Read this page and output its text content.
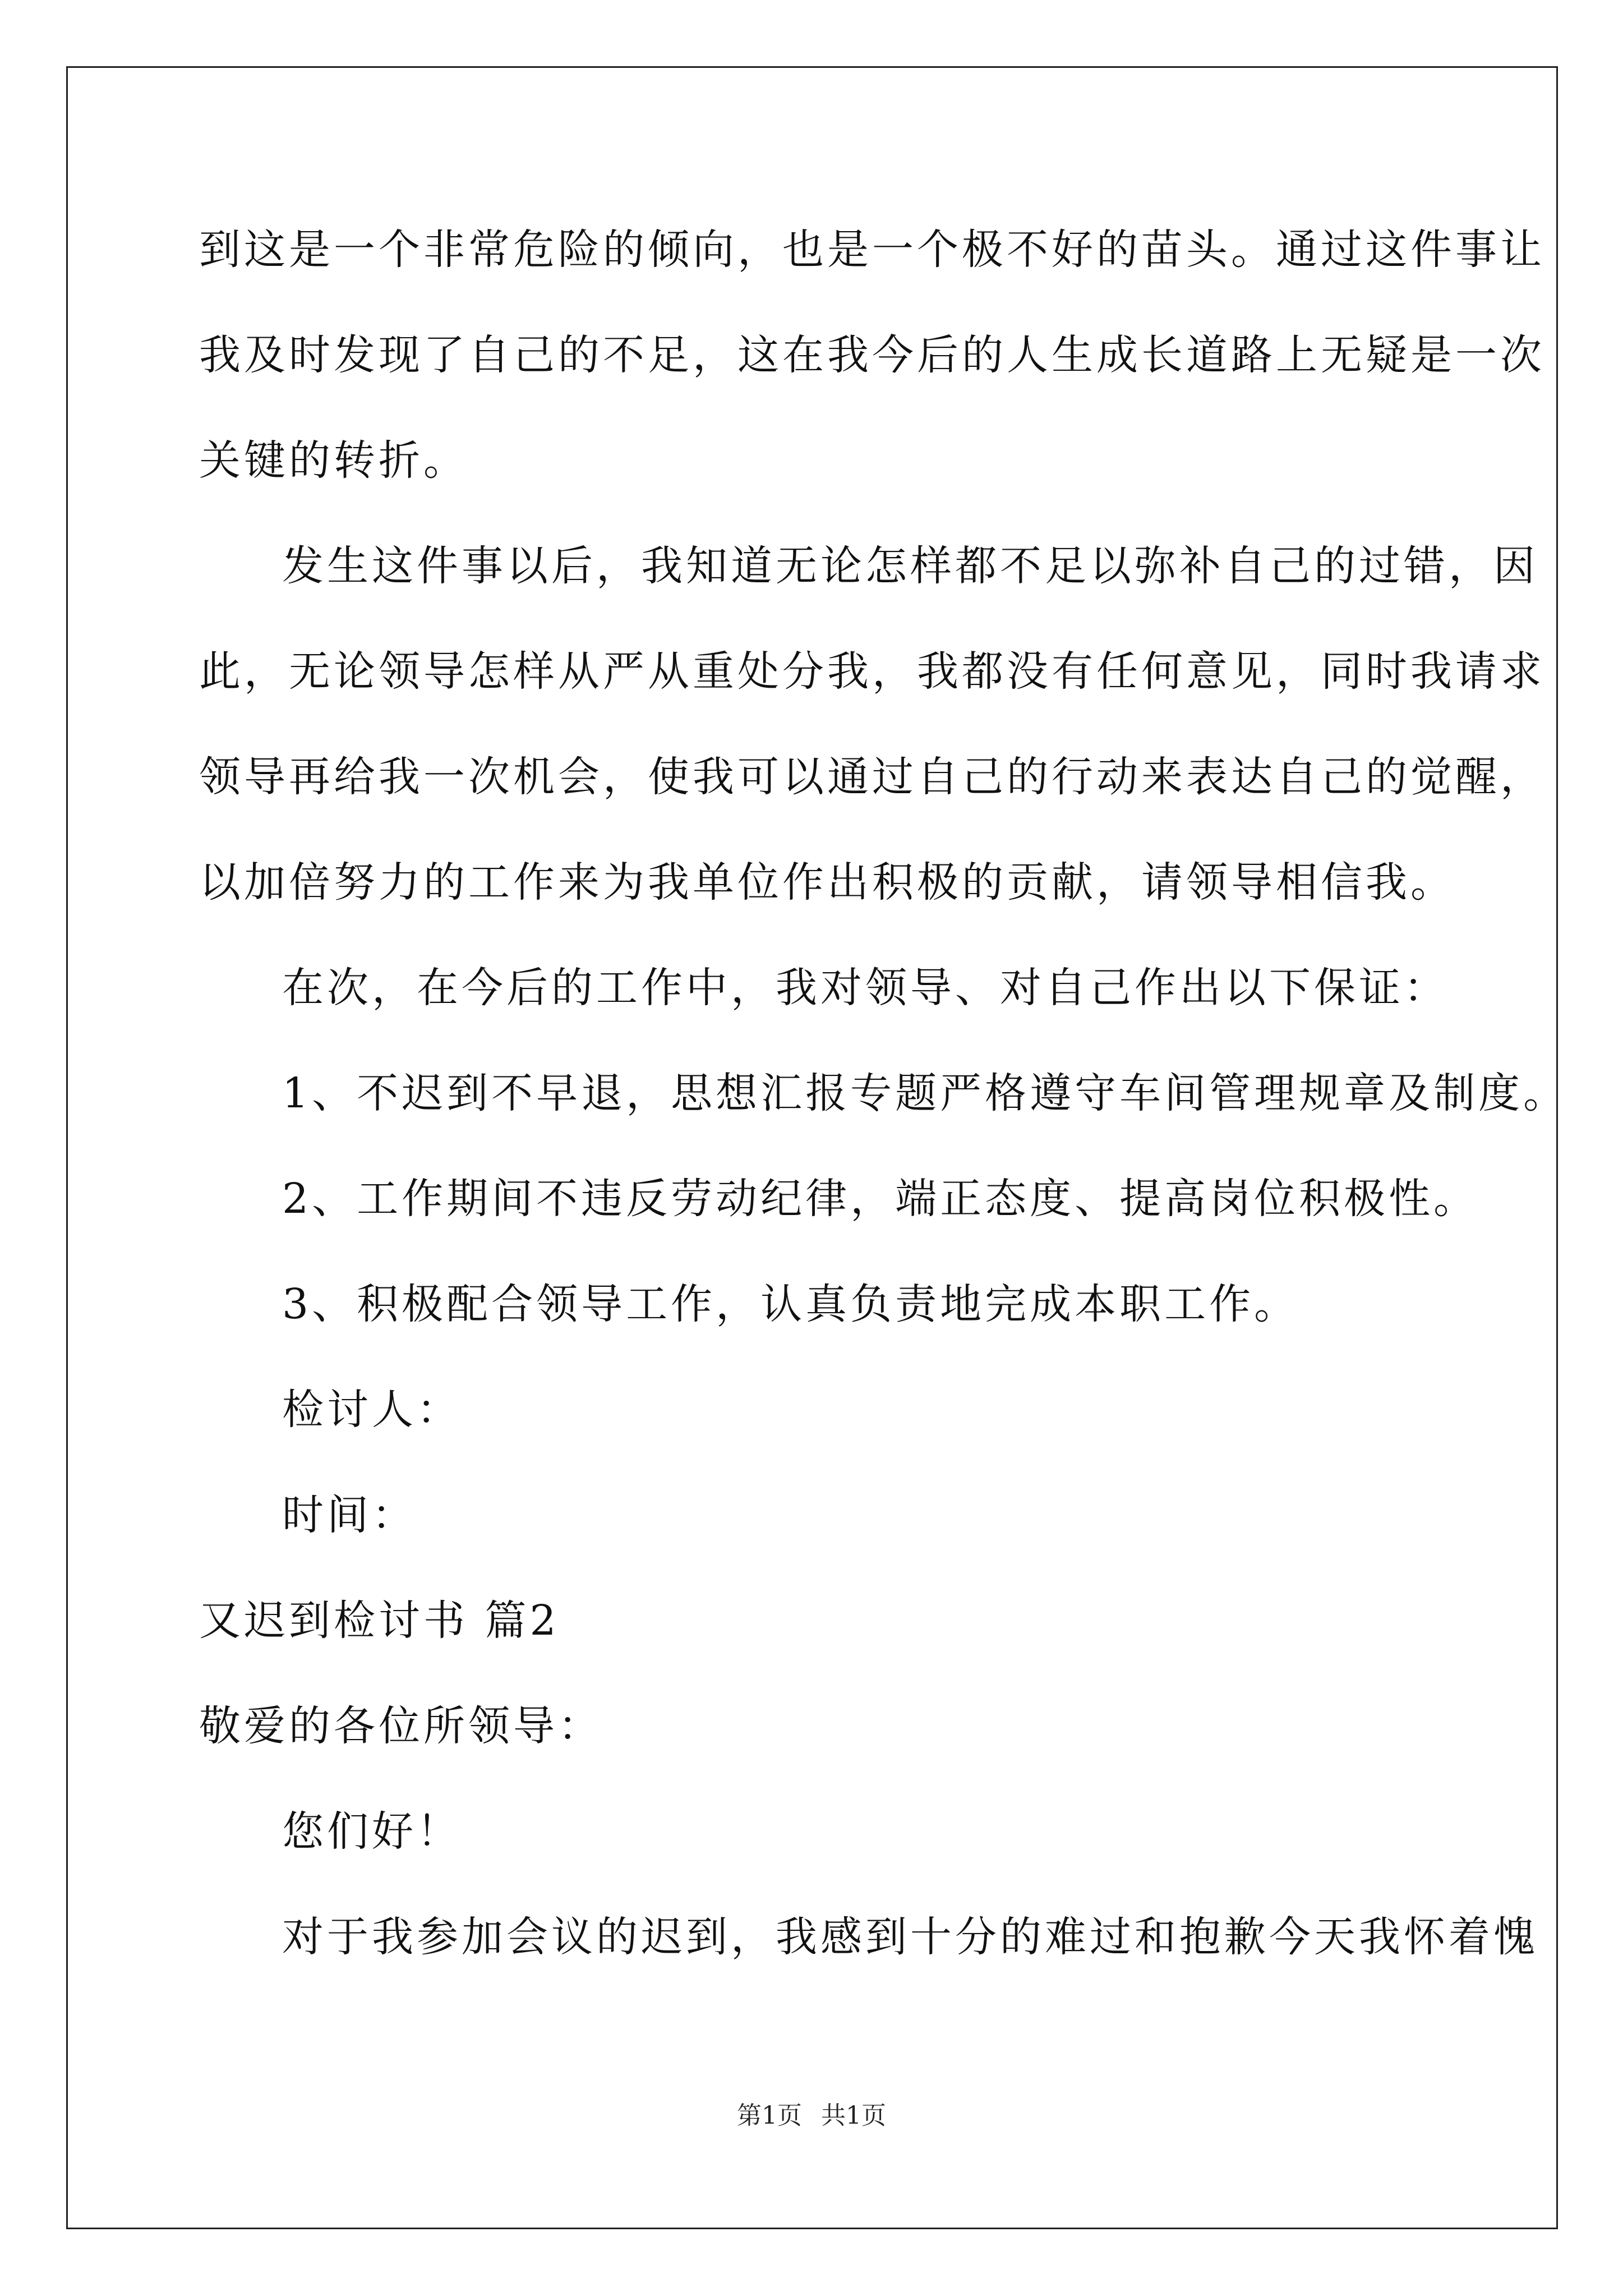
到这是一个非常危险的倾向，也是一个极不好的苗头。通过这件事让
我及时发现了自己的不足，这在我今后的人生成长道路上无疑是一次
关键的转折。
发生这件事以后，我知道无论怎样都不足以弥补自己的过错，因
此，无论领导怎样从严从重处分我，我都没有任何意见，同时我请求
领导再给我一次机会，使我可以通过自己的行动来表达自己的觉醒，
以加倍努力的工作来为我单位作出积极的贡献，请领导相信我。
在次，在今后的工作中，我对领导、对自己作出以下保证：
1、不迟到不早退，思想汇报专题严格遵守车间管理规章及制度。
2、工作期间不违反劳动纪律，端正态度、提高岗位积极性。
3、积极配合领导工作，认真负责地完成本职工作。
检讨人：
时间：
又迟到检讨书 篇2
敬爱的各位所领导：
您们好！
对于我参加会议的迟到，我感到十分的难过和抱歉今天我怀着愧
第1页 共1页
